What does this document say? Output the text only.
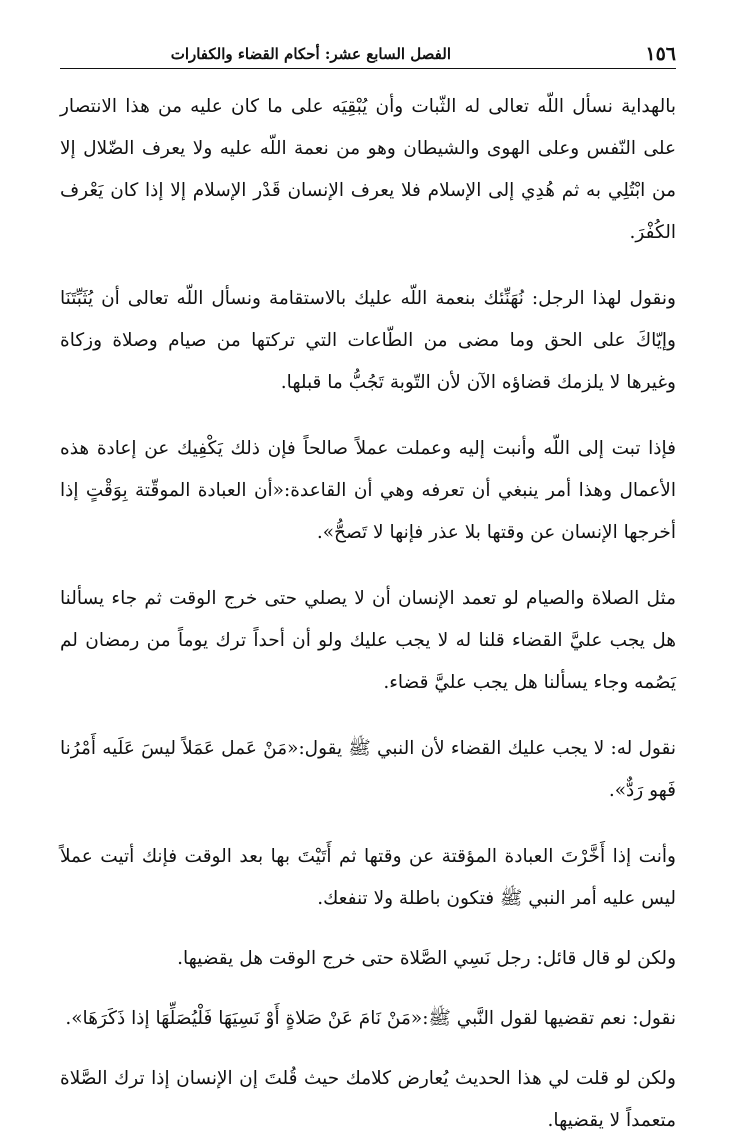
١٥٦
الفصل السابع عشر: أحكام القضاء والكفارات

بالهداية نسأل اللّه تعالى له الثّبات وأن يُبْقِيَه على ما كان عليه من هذا الانتصار على النّفس وعلى الهوى والشيطان وهو من نعمة اللّه عليه ولا يعرف الضّلال إلا من ابْتُلِي به ثم هُدِي إلى الإسلام فلا يعرف الإنسان قَدْر الإسلام إلا إذا كان يَعْرف الكُفْرَ.

ونقول لهذا الرجل: نُهَنِّئك بنعمة اللّه عليك بالاستقامة ونسأل اللّه تعالى أن يُثَبِّتَنَا وإيّاكَ على الحق وما مضى من الطّاعات التي تركتها من صيام وصلاة وزكاة وغيرها لا يلزمك قضاؤه الآن لأن التّوبة تَجُبُّ ما قبلها.

فإذا تبت إلى اللّه وأنبت إليه وعملت عملاً صالحاً فإن ذلك يَكْفِيك عن إعادة هذه الأعمال وهذا أمر ينبغي أن تعرفه وهي أن القاعدة:«أن العبادة الموقّتة بِوَقْتٍ إذا أخرجها الإنسان عن وقتها بلا عذر فإنها لا تَصحُّ».

مثل الصلاة والصيام لو تعمد الإنسان أن لا يصلي حتى خرج الوقت ثم جاء يسألنا هل يجب عليَّ القضاء قلنا له لا يجب عليك ولو أن أحداً ترك يوماً من رمضان لم يَصُمه وجاء يسألنا هل يجب عليَّ قضاء.

نقول له: لا يجب عليك القضاء لأن النبي ﷺ يقول:«مَنْ عَمل عَمَلاً ليسَ عَلَيه أَمْرُنا فَهو رَدٌّ».

وأنت إذا أَخَّرْتَ العبادة المؤقتة عن وقتها ثم أَتَيْتَ بها بعد الوقت فإنك أتيت عملاً ليس عليه أمر النبي ﷺ فتكون باطلة ولا تنفعك.

ولكن لو قال قائل: رجل نَسِي الصَّلاة حتى خرج الوقت هل يقضيها.

نقول: نعم تقضيها لقول النَّبي ﷺ:«مَنْ نَامَ عَنْ صَلاةٍ أَوْ نَسِيَهَا فَلْيُصَلِّهَا إذا ذَكَرَهَا».

ولكن لو قلت لي هذا الحديث يُعارض كلامك حيث قُلتَ إن الإنسان إذا ترك الصَّلاة متعمداً لا يقضيها.
